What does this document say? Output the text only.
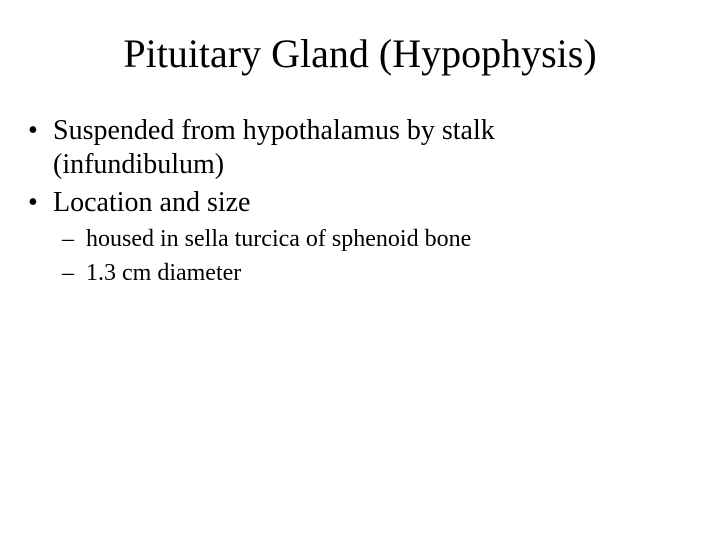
Pituitary Gland (Hypophysis)
• Suspended from hypothalamus by stalk
(infundibulum)
• Location and size
– housed in sella turcica of sphenoid bone
– 1.3 cm diameter
